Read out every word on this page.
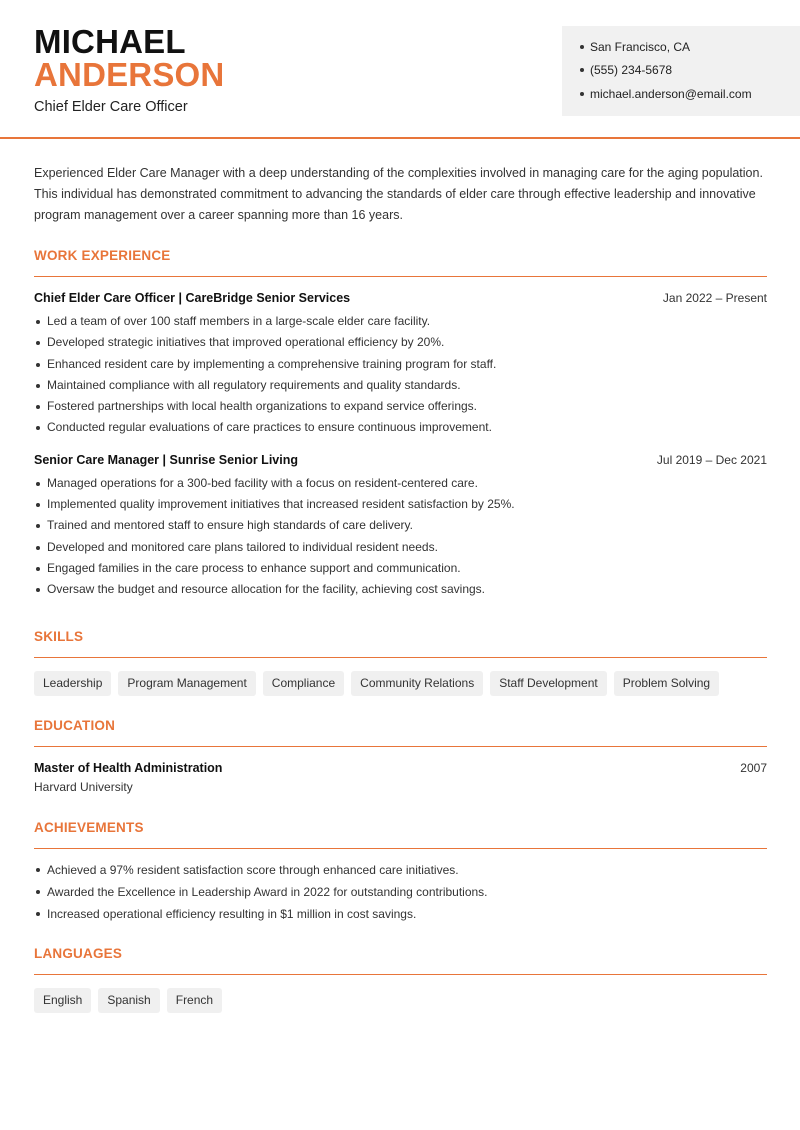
MICHAEL
ANDERSON
Chief Elder Care Officer
San Francisco, CA
(555) 234-5678
michael.anderson@email.com

Experienced Elder Care Manager with a deep understanding of the complexities involved in managing care for the aging population. This individual has demonstrated commitment to advancing the standards of elder care through effective leadership and innovative program management over a career spanning more than 16 years.

WORK EXPERIENCE
Chief Elder Care Officer | CareBridge Senior Services	Jan 2022 – Present
Led a team of over 100 staff members in a large-scale elder care facility.
Developed strategic initiatives that improved operational efficiency by 20%.
Enhanced resident care by implementing a comprehensive training program for staff.
Maintained compliance with all regulatory requirements and quality standards.
Fostered partnerships with local health organizations to expand service offerings.
Conducted regular evaluations of care practices to ensure continuous improvement.
Senior Care Manager | Sunrise Senior Living	Jul 2019 – Dec 2021
Managed operations for a 300-bed facility with a focus on resident-centered care.
Implemented quality improvement initiatives that increased resident satisfaction by 25%.
Trained and mentored staff to ensure high standards of care delivery.
Developed and monitored care plans tailored to individual resident needs.
Engaged families in the care process to enhance support and communication.
Oversaw the budget and resource allocation for the facility, achieving cost savings.
SKILLS
Leadership	Program Management	Compliance	Community Relations	Staff Development	Problem Solving
EDUCATION
Master of Health Administration	2007
Harvard University
ACHIEVEMENTS
Achieved a 97% resident satisfaction score through enhanced care initiatives.
Awarded the Excellence in Leadership Award in 2022 for outstanding contributions.
Increased operational efficiency resulting in $1 million in cost savings.
LANGUAGES
English	Spanish	French
